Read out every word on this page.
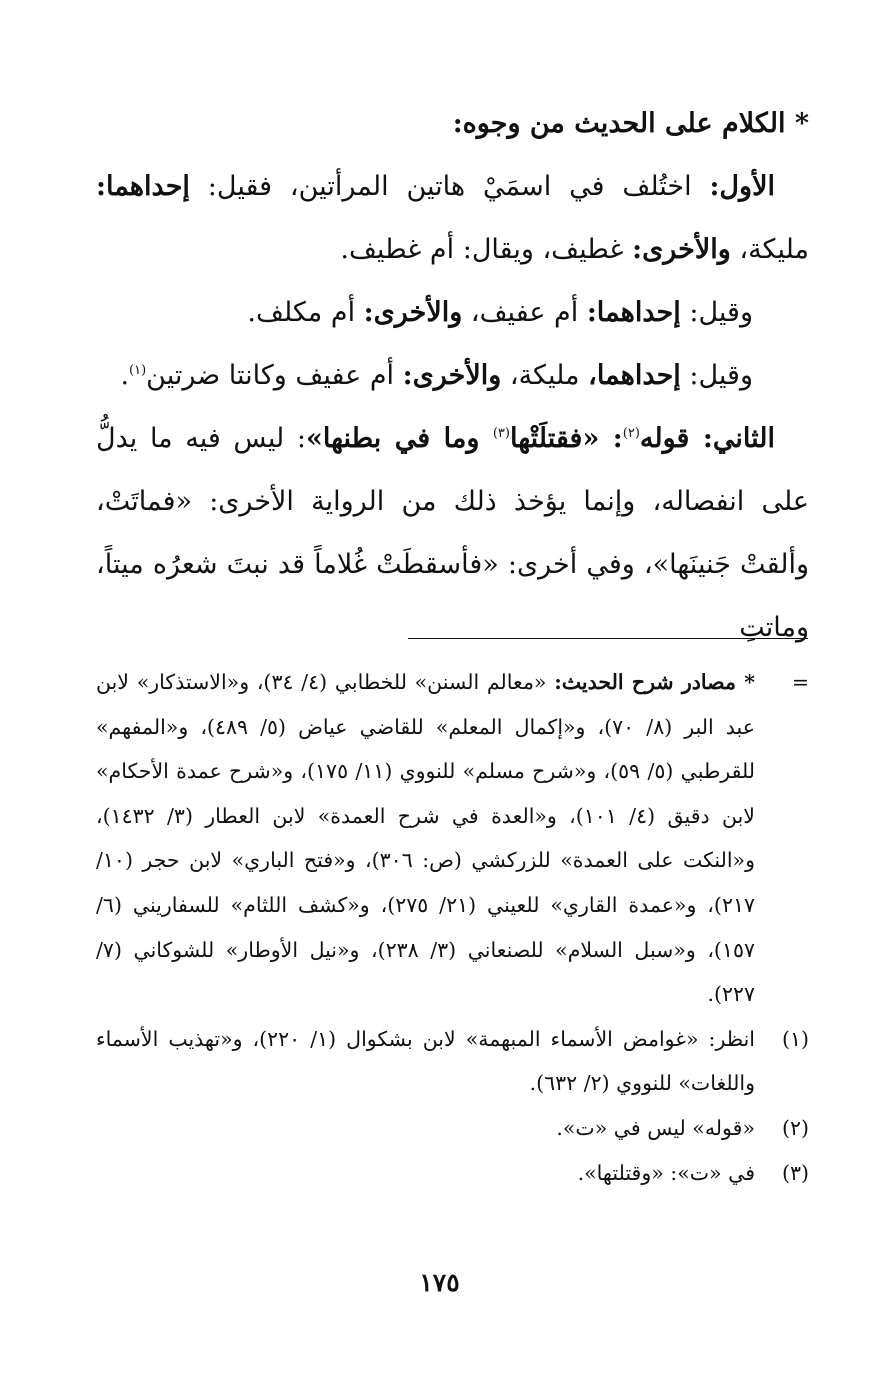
* الكلام على الحديث من وجوه:

الأول: اختُلف في اسمَيْ هاتين المرأتين، فقيل: إحداهما: مليكة، والأخرى: غطيف، ويقال: أم غطيف.

وقيل: إحداهما: أم عفيف، والأخرى: أم مكلف.

وقيل: إحداهما، مليكة، والأخرى: أم عفيف وكانتا ضرتين$^{(١)}$.

الثاني: قوله$^{(٢)}$: «فقتلَتْها$^{(٣)}$ وما في بطنها»: ليس فيه ما يدلُّ على انفصاله، وإنما يؤخذ ذلك من الرواية الأخرى: «فماتَتْ، وألقتْ جَنينَها»، وفي أخرى: «فأسقطَتْ غُلاماً قد نبتَ شعرُه ميتاً، وماتتِ

=

* مصادر شرح الحديث: «معالم السنن» للخطابي (٤/ ٣٤)، و«الاستذكار» لابن عبد البر (٨/ ٧٠)، و«إكمال المعلم» للقاضي عياض (٥/ ٤٨٩)، و«المفهم» للقرطبي (٥/ ٥٩)، و«شرح مسلم» للنووي (١١/ ١٧٥)، و«شرح عمدة الأحكام» لابن دقيق (٤/ ١٠١)، و«العدة في شرح العمدة» لابن العطار (٣/ ١٤٣٢)، و«النكت على العمدة» للزركشي (ص: ٣٠٦)، و«فتح الباري» لابن حجر (١٠/ ٢١٧)، و«عمدة القاري» للعيني (٢١/ ٢٧٥)، و«كشف اللثام» للسفاريني (٦/ ١٥٧)، و«سبل السلام» للصنعاني (٣/ ٢٣٨)، و«نيل الأوطار» للشوكاني (٧/ ٢٢٧).

(١)

انظر: «غوامض الأسماء المبهمة» لابن بشكوال (١/ ٢٢٠)، و«تهذيب الأسماء واللغات» للنووي (٢/ ٦٣٢).

(٢)

«قوله» ليس في «ت».

(٣)

في «ت»: «وقتلتها».

١٧٥
